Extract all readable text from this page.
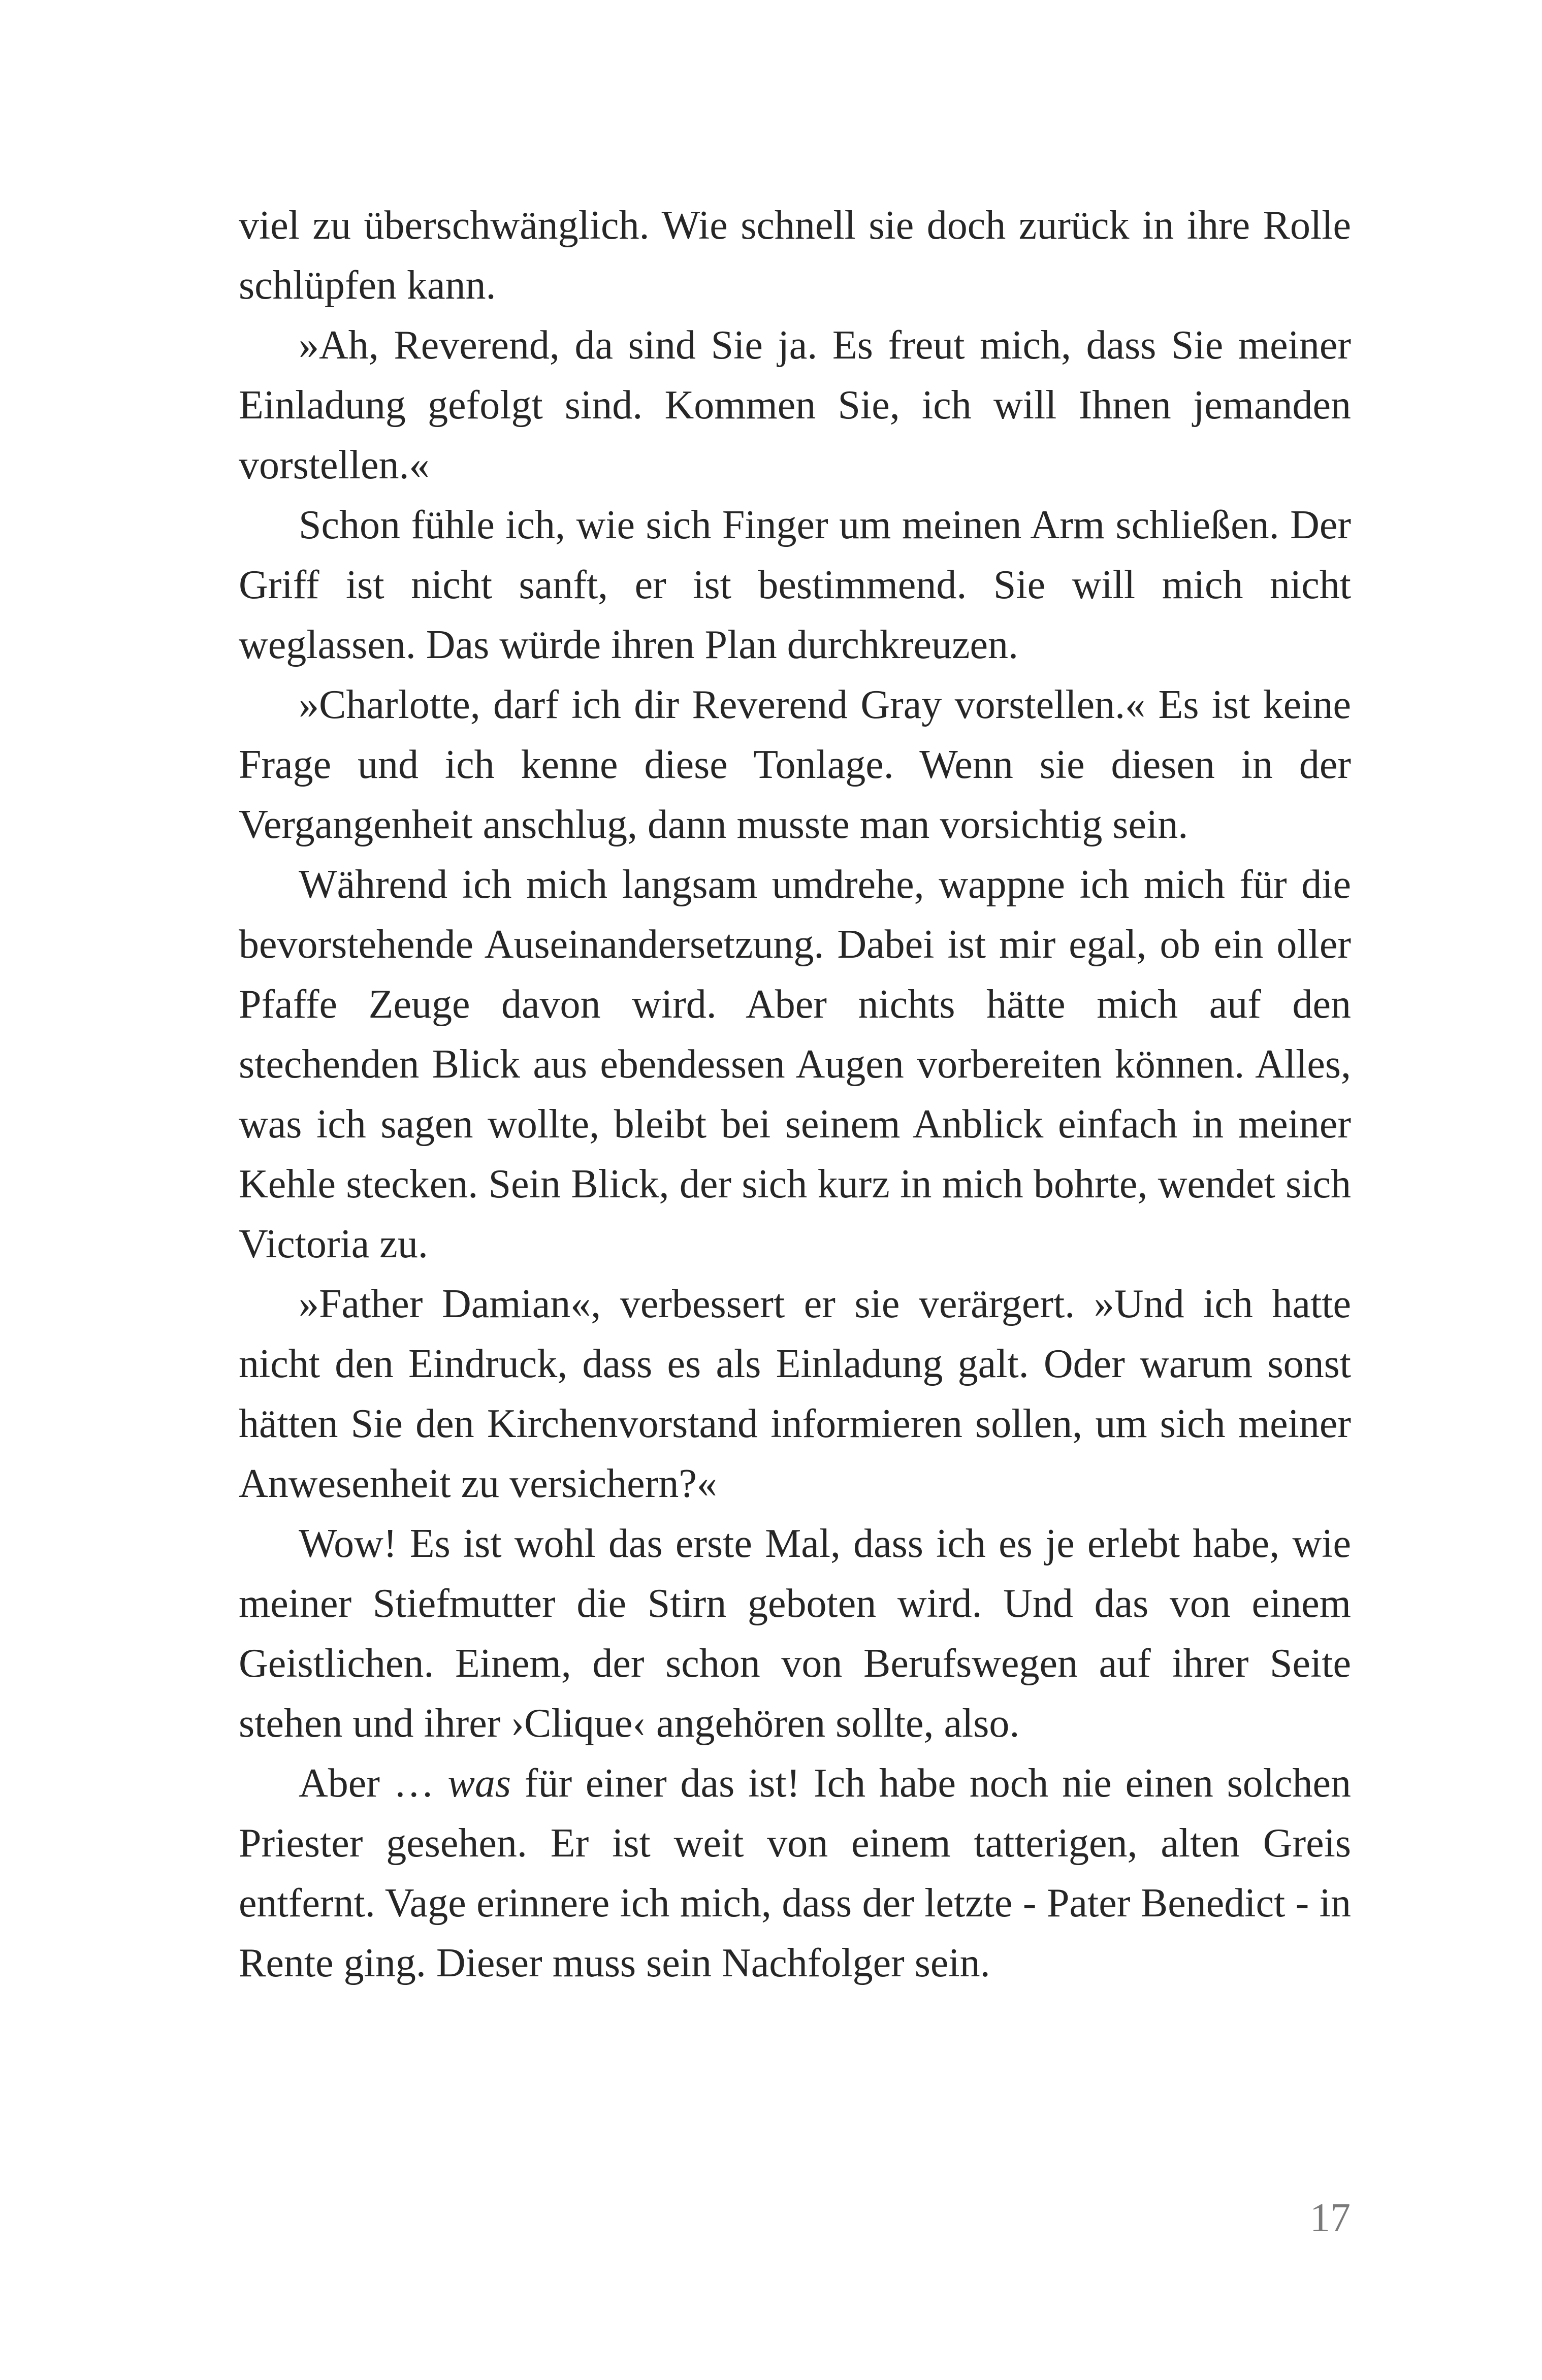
viel zu überschwänglich. Wie schnell sie doch zurück in ihre Rolle schlüpfen kann.

»Ah, Reverend, da sind Sie ja. Es freut mich, dass Sie meiner Einladung gefolgt sind. Kommen Sie, ich will Ihnen jemanden vorstellen.«

Schon fühle ich, wie sich Finger um meinen Arm schließen. Der Griff ist nicht sanft, er ist bestimmend. Sie will mich nicht weglassen. Das würde ihren Plan durchkreuzen.

»Charlotte, darf ich dir Reverend Gray vorstellen.« Es ist keine Frage und ich kenne diese Tonlage. Wenn sie diesen in der Vergangenheit anschlug, dann musste man vorsichtig sein.

Während ich mich langsam umdrehe, wappne ich mich für die bevorstehende Auseinandersetzung. Dabei ist mir egal, ob ein oller Pfaffe Zeuge davon wird. Aber nichts hätte mich auf den stechenden Blick aus ebendessen Augen vorbereiten können. Alles, was ich sagen wollte, bleibt bei seinem Anblick einfach in meiner Kehle stecken. Sein Blick, der sich kurz in mich bohrte, wendet sich Victoria zu.

»Father Damian«, verbessert er sie verärgert. »Und ich hatte nicht den Eindruck, dass es als Einladung galt. Oder warum sonst hätten Sie den Kirchenvorstand informieren sollen, um sich meiner Anwesenheit zu versichern?«

Wow! Es ist wohl das erste Mal, dass ich es je erlebt habe, wie meiner Stiefmutter die Stirn geboten wird. Und das von einem Geistlichen. Einem, der schon von Berufswegen auf ihrer Seite stehen und ihrer ›Clique‹ angehören sollte, also.

Aber … was für einer das ist! Ich habe noch nie einen solchen Priester gesehen. Er ist weit von einem tatterigen, alten Greis entfernt. Vage erinnere ich mich, dass der letzte - Pater Benedict - in Rente ging. Dieser muss sein Nachfolger sein.

17
